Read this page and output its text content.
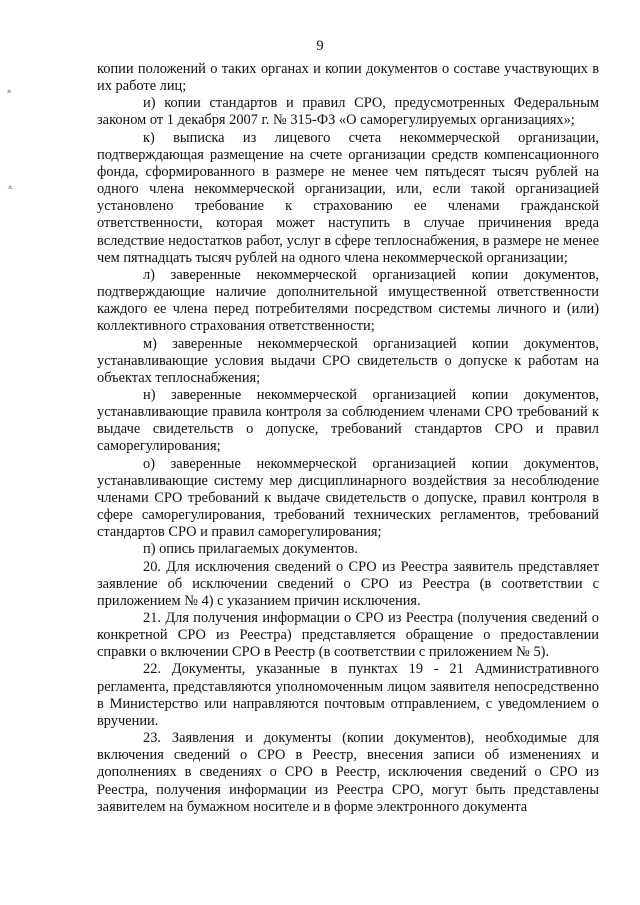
9
ﻌ
ﻌ

копии положений о таких органах и копии документов о составе участвующих в их работе лиц;

и) копии стандартов и правил СРО, предусмотренных Федеральным законом от 1 декабря 2007 г. № 315-ФЗ «О саморегулируемых организациях»;

к) выписка из лицевого счета некоммерческой организации, подтверждающая размещение на счете организации средств компенсационного фонда, сформированного в размере не менее чем пятьдесят тысяч рублей на одного члена некоммерческой организации, или, если такой организацией установлено требование к страхованию ее членами гражданской ответственности, которая может наступить в случае причинения вреда вследствие недостатков работ, услуг в сфере теплоснабжения, в размере не менее чем пятнадцать тысяч рублей на одного члена некоммерческой организации;

л) заверенные некоммерческой организацией копии документов, подтверждающие наличие дополнительной имущественной ответственности каждого ее члена перед потребителями посредством системы личного и (или) коллективного страхования ответственности;

м) заверенные некоммерческой организацией копии документов, устанавливающие условия выдачи СРО свидетельств о допуске к работам на объектах теплоснабжения;

н) заверенные некоммерческой организацией копии документов, устанавливающие правила контроля за соблюдением членами СРО требований к выдаче свидетельств о допуске, требований стандартов СРО и правил саморегулирования;

о) заверенные некоммерческой организацией копии документов, устанавливающие систему мер дисциплинарного воздействия за несоблюдение членами СРО требований к выдаче свидетельств о допуске, правил контроля в сфере саморегулирования, требований технических регламентов, требований стандартов СРО и правил саморегулирования;

п) опись прилагаемых документов.

20. Для исключения сведений о СРО из Реестра заявитель представляет заявление об исключении сведений о СРО из Реестра (в соответствии с приложением № 4) с указанием причин исключения.

21. Для получения информации о СРО из Реестра (получения сведений о конкретной СРО из Реестра) представляется обращение о предоставлении справки о включении СРО в Реестр (в соответствии с приложением № 5).

22. Документы, указанные в пунктах 19 - 21 Административного регламента, представляются уполномоченным лицом заявителя непосредственно в Министерство или направляются почтовым отправлением, с уведомлением о вручении.

23. Заявления и документы (копии документов), необходимые для включения сведений о СРО в Реестр, внесения записи об изменениях и дополнениях в сведениях о СРО в Реестр, исключения сведений о СРО из Реестра, получения информации из Реестра СРО, могут быть представлены заявителем на бумажном носителе и в форме электронного документа
